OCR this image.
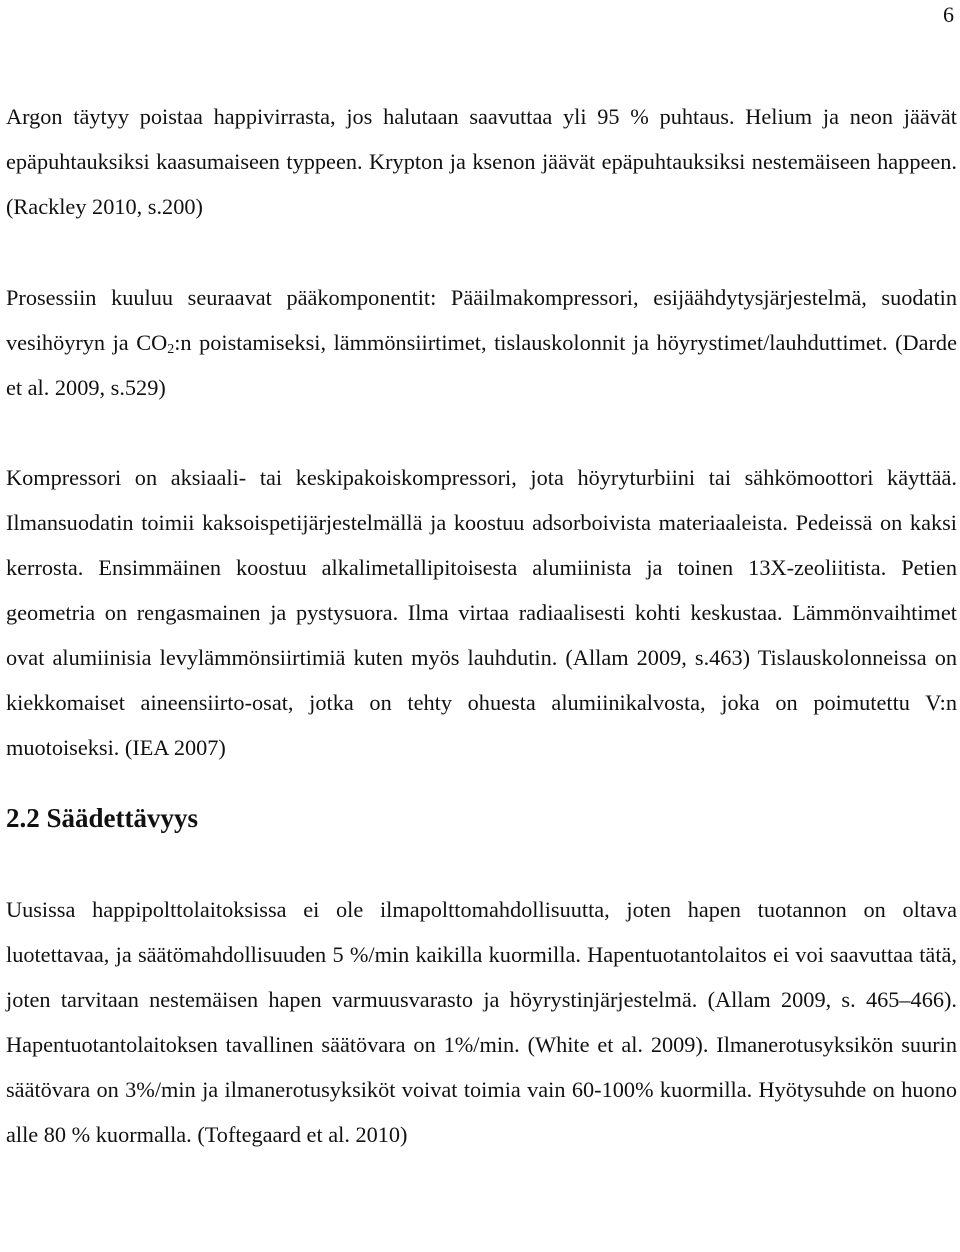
6

Argon täytyy poistaa happivirrasta, jos halutaan saavuttaa yli 95 % puhtaus. Helium ja neon jäävät epäpuhtauksiksi kaasumaiseen typpeen. Krypton ja ksenon jäävät epäpuhtauksiksi nestemäiseen happeen. (Rackley 2010, s.200)

Prosessiin kuuluu seuraavat pääkomponentit: Pääilmakompressori, esijäähdytysjärjestelmä, suodatin vesihöyryn ja $CO_2:n$ poistamiseksi, lämmönsiirtimet, tislauskolonnit ja höyrystimet/lauhduttimet. (Darde et al. 2009, s.529)

Kompressori on aksiaali- tai keskipakoiskompressori, jota höyryturbiini tai sähkömoottori käyttää. Ilmansuodatin toimii kaksoispetijärjestelmällä ja koostuu adsorboivista materiaaleista. Pedeissä on kaksi kerrosta. Ensimmäinen koostuu alkalimetallipitoisesta alumiinista ja toinen 13X-zeoliitista. Petien geometria on rengasmainen ja pystysuora. Ilma virtaa radiaalisesti kohti keskustaa. Lämmönvaihtimet ovat alumiinisia levylämmönsiirtimiä kuten myös lauhdutin. (Allam 2009, s.463) Tislauskolonneissa on kiekkomaiset aineensiirto-osat, jotka on tehty ohuesta alumiinikalvosta, joka on poimutettu V:n muotoiseksi. (IEA 2007)

2.2 Säädettävyys

Uusissa happipolttolaitoksissa ei ole ilmapolttomahdollisuutta, joten hapen tuotannon on oltava luotettavaa, ja säätömahdollisuuden 5 %/min kaikilla kuormilla. Hapentuotantolaitos ei voi saavuttaa tätä, joten tarvitaan nestemäisen hapen varmuusvarasto ja höyrystinjärjestelmä. (Allam 2009, s. 465–466). Hapentuotantolaitoksen tavallinen säätövara on 1%/min. (White et al. 2009). Ilmanerotusyksikön suurin säätövara on 3%/min ja ilmanerotusyksiköt voivat toimia vain 60-100% kuormilla. Hyötysuhde on huono alle 80 % kuormalla. (Toftegaard et al. 2010)
